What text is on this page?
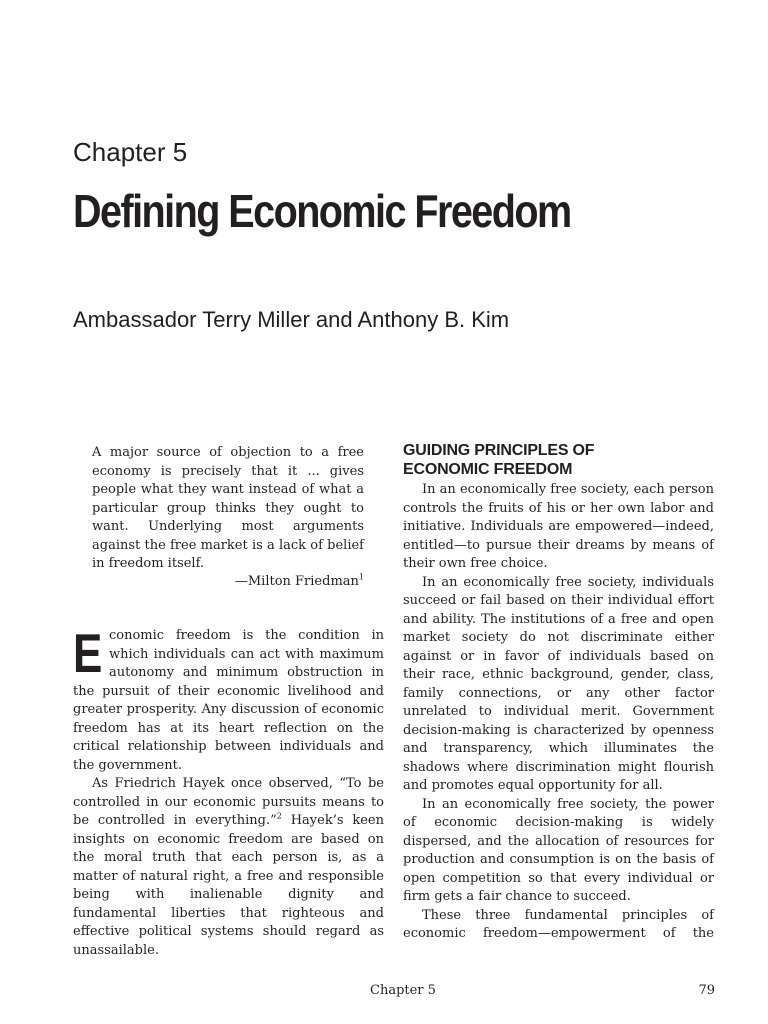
Chapter 5
Defining Economic Freedom
Ambassador Terry Miller and Anthony B. Kim

A major source of objection to a free economy is precisely that it ... gives people what they want instead of what a particular group thinks they ought to want. Underlying most arguments against the free market is a lack of belief in freedom itself.

—Milton Friedman$^1$

Economic freedom is the condition in which individuals can act with maximum autonomy and minimum obstruction in the pursuit of their economic livelihood and greater prosperity. Any discussion of economic freedom has at its heart reflection on the critical relationship between individuals and the government.

As Friedrich Hayek once observed, “To be controlled in our economic pursuits means to be controlled in everything.”$^2$ Hayek’s keen insights on economic freedom are based on the moral truth that each person is, as a matter of natural right, a free and responsible being with inalienable dignity and fundamental liberties that righteous and effective political systems should regard as unassailable.

GUIDING PRINCIPLES OF
ECONOMIC FREEDOM

In an economically free society, each person controls the fruits of his or her own labor and initiative. Individuals are empowered—indeed, entitled—to pursue their dreams by means of their own free choice.

In an economically free society, individuals succeed or fail based on their individual effort and ability. The institutions of a free and open market society do not discriminate either against or in favor of individuals based on their race, ethnic background, gender, class, family connections, or any other factor unrelated to individual merit. Government decision-making is characterized by openness and transparency, which illuminates the shadows where discrimination might flourish and promotes equal opportunity for all.

In an economically free society, the power of economic decision-making is widely dispersed, and the allocation of resources for production and consumption is on the basis of open competition so that every individual or firm gets a fair chance to succeed.

These three fundamental principles of economic freedom—empowerment of the

Chapter 5	79
